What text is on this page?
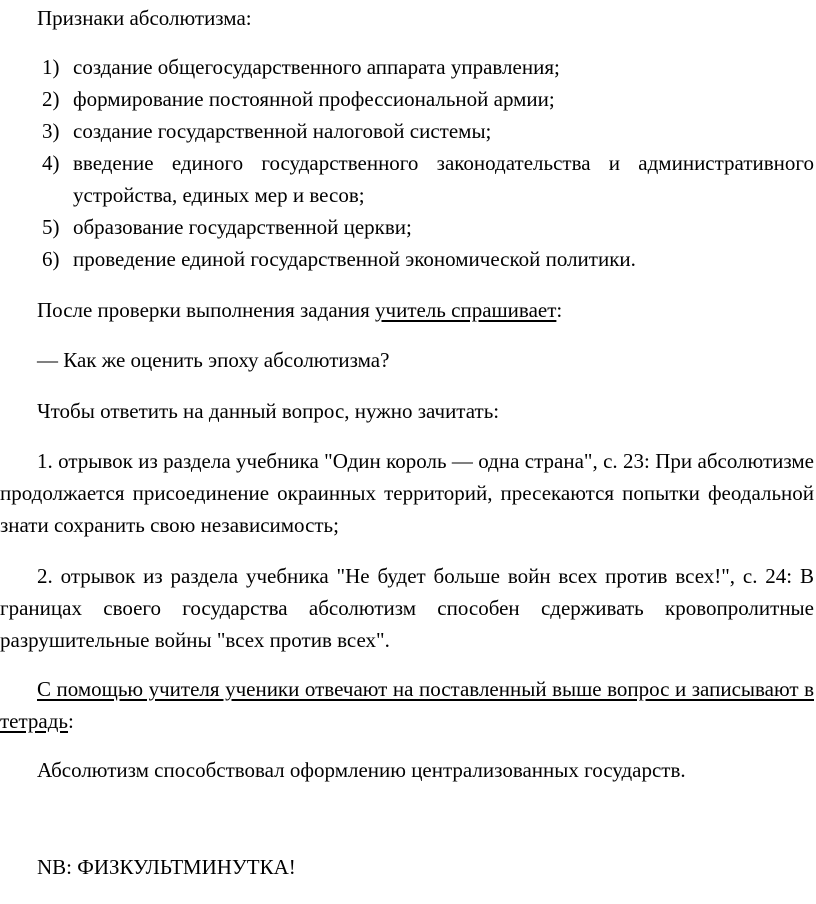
Признаки абсолютизма:

1) создание общегосударственного аппарата управления;
2) формирование постоянной профессиональной армии;
3) создание государственной налоговой системы;
4) введение единого государственного законодательства и административного устройства, единых мер и весов;
5) образование государственной церкви;
6) проведение единой государственной экономической политики.

После проверки выполнения задания учитель спрашивает:

— Как же оценить эпоху абсолютизма?

Чтобы ответить на данный вопрос, нужно зачитать:

1. отрывок из раздела учебника "Один король — одна страна", с. 23: При абсолютизме продолжается присоединение окраинных территорий, пресекаются попытки феодальной знати сохранить свою независимость;

2. отрывок из раздела учебника "Не будет больше войн всех против всех!", с. 24: В границах своего государства абсолютизм способен сдерживать кровопролитные разрушительные войны "всех против всех".

С помощью учителя ученики отвечают на поставленный выше вопрос и записывают в тетрадь:

Абсолютизм способствовал оформлению централизованных государств.

NB: ФИЗКУЛЬТМИНУТКА!
